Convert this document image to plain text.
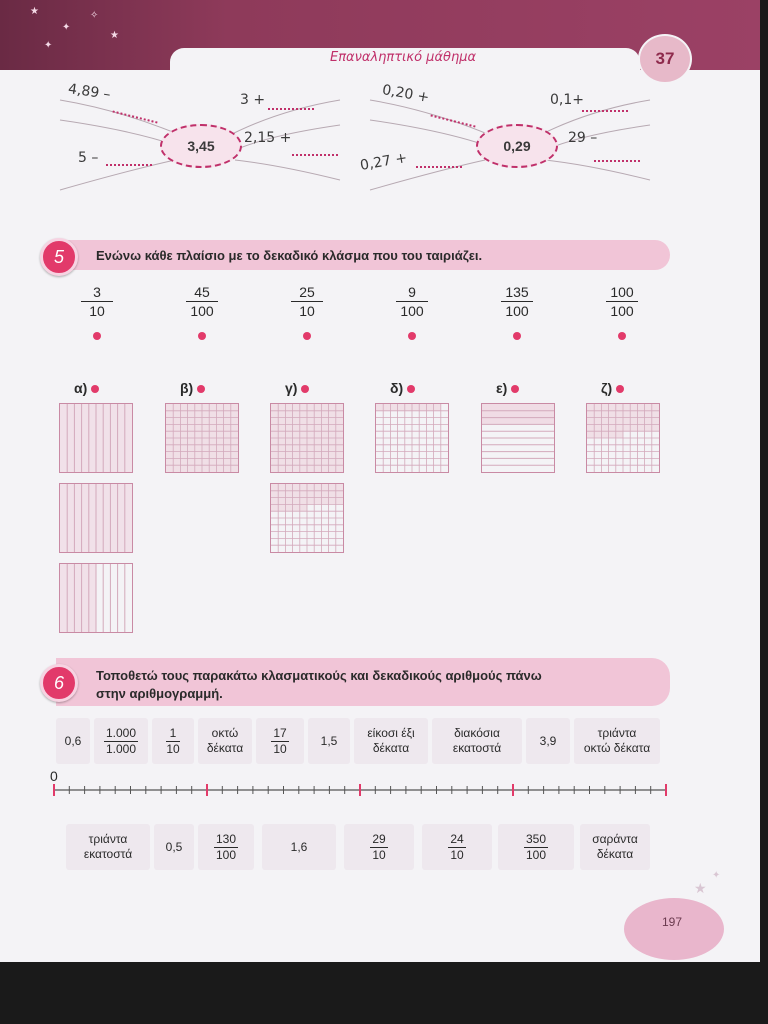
★
✦
✧
★
✦
Επαναληπτικό μάθημα	37
4,89 –	3 +
2,15 +
5 –
3,45
0,20 +	0,1+
29 –
0,27 +
0,29
5	Ενώνω κάθε πλαίσιο με το δεκαδικό κλάσμα που του ταιριάζει.
$\frac{3}{10}$	$\frac{45}{100}$	$\frac{25}{10}$	$\frac{9}{100}$	$\frac{135}{100}$	$\frac{100}{100}$
α)	β)	γ)	δ)	ε)	ζ)
6	Τοποθετώ τους παρακάτω κλασματικούς και δεκαδικούς αριθμούς πάνω
στην αριθμογραμμή.
0,6
1.000
1.000
1
10
οκτώ
δέκατα
17
10
1,5
είκοσι έξι
δέκατα
διακόσια
εκατοστά
3,9
τριάντα
οκτώ δέκατα
0
τριάντα
εκατοστά
0,5
130
100
1,6
29
10
24
10
350
100
σαράντα
δέκατα
★
✦
197
